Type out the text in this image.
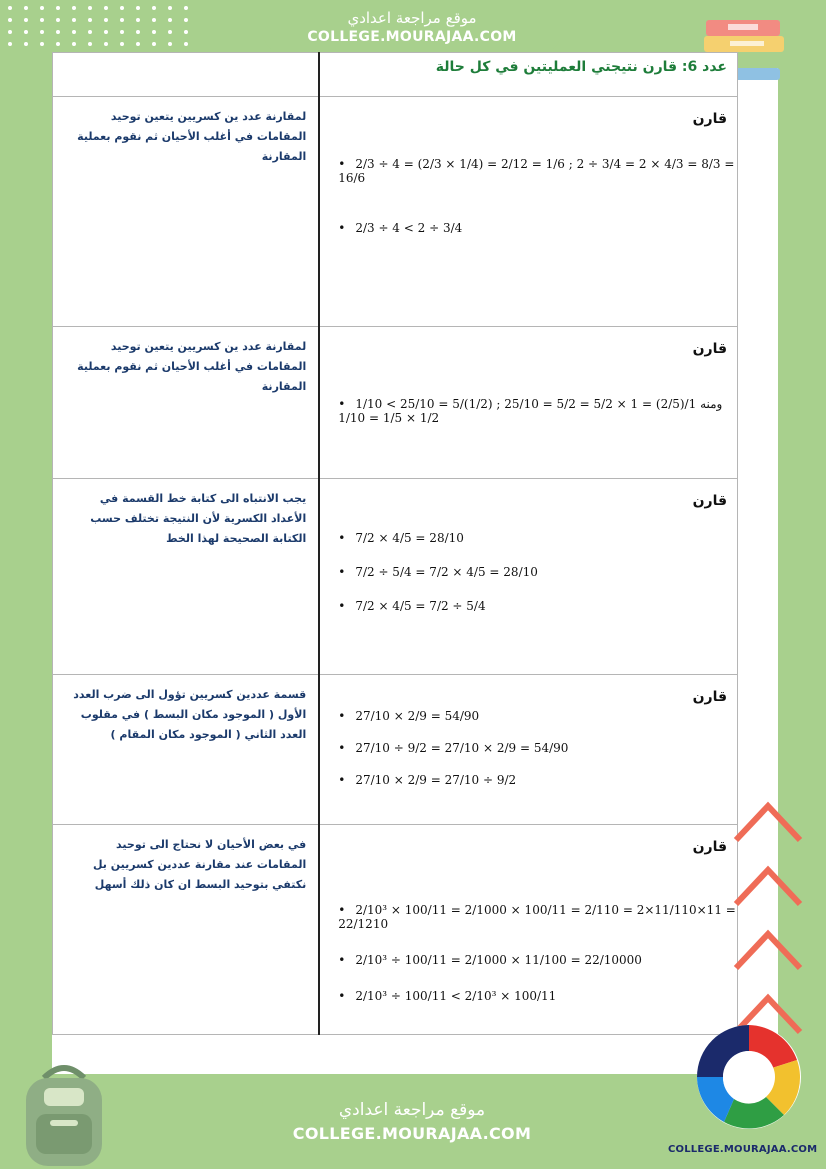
موقع مراجعة اعدادي
COLLEGE.MOURAJAA.COM

	عدد 6: قارن نتيجتي العمليتين في كل حالة

لمقارنة عدد ين كسريين يتعين توحيد المقامات في أغلب الأحيان ثم نقوم بعملية المقارنة	قارن
• 2/3 ÷ 4 = (2/3 × 1/4) = 2/12 = 1/6 ; 2 ÷ 3/4 = 2 × 4/3 = 8/3 = 16/6
• 2/3 ÷ 4 < 2 ÷ 3/4

لمقارنة عدد ين كسريين يتعين توحيد المقامات في أغلب الأحيان ثم نقوم بعملية المقارنة	قارن
• 1/10 < 25/10 ومنه 1/(2/5) = 1 × 5/2 = 5/2 = 25/10 ; (1/2)/5 = 1/2 × 1/5 = 1/10

يجب الانتباه الى كتابة خط القسمة في الأعداد الكسرية لأن النتيجة تختلف حسب الكتابة الصحيحة لهذا الخط	قارن
• 7/2 × 4/5 = 28/10
• 7/2 ÷ 5/4 = 7/2 × 4/5 = 28/10
• 7/2 × 4/5 = 7/2 ÷ 5/4

قسمة عددين كسريين تؤول الى ضرب العدد الأول ( الموجود مكان البسط ) في مقلوب العدد الثاني ( الموجود مكان المقام )	قارن
• 27/10 × 2/9 = 54/90
• 27/10 ÷ 9/2 = 27/10 × 2/9 = 54/90
• 27/10 × 2/9 = 27/10 ÷ 9/2

في بعض الأحيان لا نحتاج الى توحيد المقامات عند مقارنة عددين كسريين بل نكتفي بتوحيد البسط ان كان ذلك أسهل	قارن
• 2/10³ × 100/11 = 2/1000 × 100/11 = 2/110 = 2×11/110×11 = 22/1210
• 2/10³ ÷ 100/11 = 2/1000 × 11/100 = 22/10000
• 2/10³ ÷ 100/11 < 2/10³ × 100/11
COLLEGE.MOURAJAA.COM
موقع مراجعة اعدادي
COLLEGE.MOURAJAA.COM
